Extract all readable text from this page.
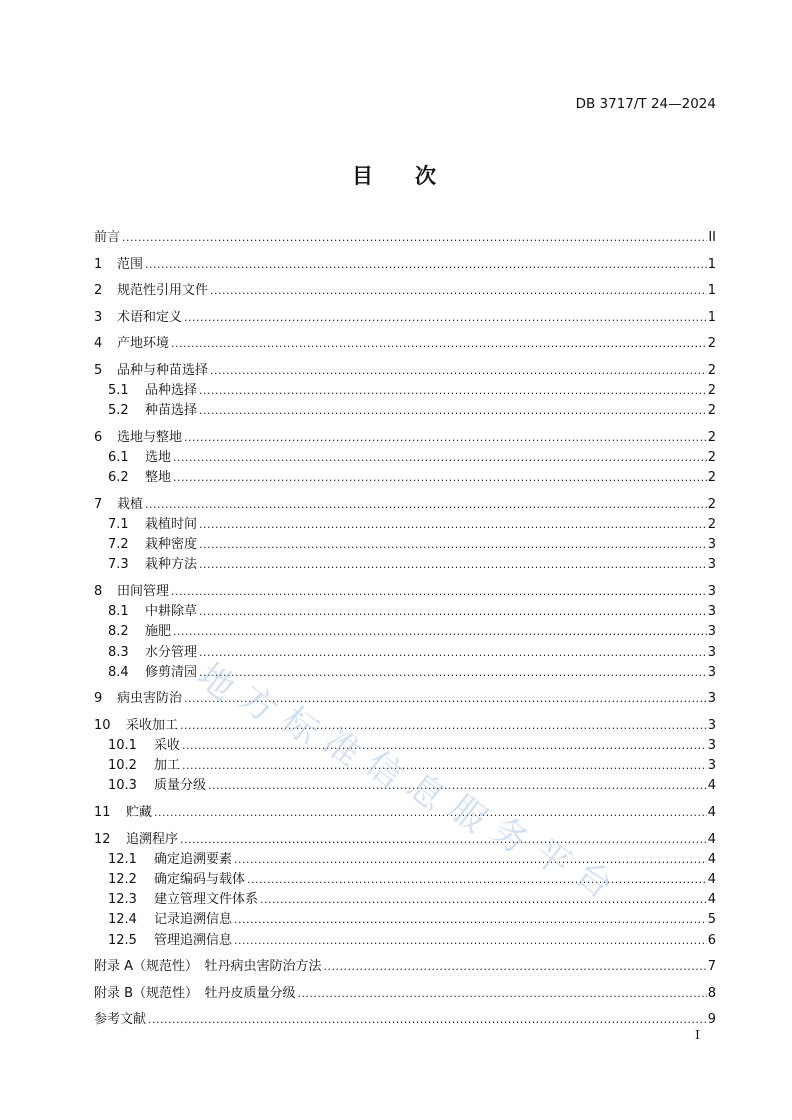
DB 3717/T 24—2024
目 次
前言 .....	II
1	范围 .....	1
2	规范性引用文件 .....	1
3	术语和定义 .....	1
4	产地环境 .....	2
5	品种与种苗选择 .....	2
5.1	品种选择 .....	2
5.2	种苗选择 .....	2
6	选地与整地 .....	2
6.1	选地 .....	2
6.2	整地 .....	2
7	栽植 .....	2
7.1	栽植时间 .....	2
7.2	栽种密度 .....	3
7.3	栽种方法 .....	3
8	田间管理 .....	3
8.1	中耕除草 .....	3
8.2	施肥 .....	3
8.3	水分管理 .....	3
8.4	修剪清园 .....	3
9	病虫害防治 .....	3
10	采收加工 .....	3
10.1	采收 .....	3
10.2	加工 .....	3
10.3	质量分级 .....	4
11	贮藏 .....	4
12	追溯程序 .....	4
12.1	确定追溯要素 .....	4
12.2	确定编码与载体 .....	4
12.3	建立管理文件体系 .....	4
12.4	记录追溯信息 .....	5
12.5	管理追溯信息 .....	6
附录 A（规范性）　牡丹病虫害防治方法 .....	7
附录 B（规范性）　牡丹皮质量分级 .....	8
参考文献 .....	9
I
地
方
标
准
信
息
服
务
平
台
